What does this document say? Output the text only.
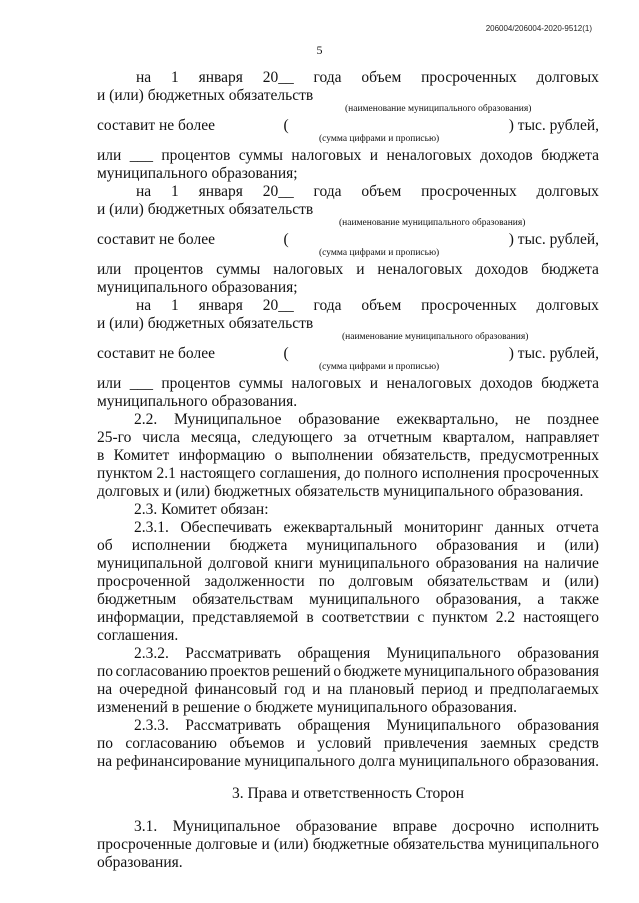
206004/206004-2020-9512(1)
5
на 1 января 20__ года объем просроченных долговых
и (или) бюджетных обязательств
(наименование муниципального образования)
составит не более	(	) тыс. рублей,
(сумма цифрами и прописью)
или ___ процентов суммы налоговых и неналоговых доходов бюджета
муниципального образования;
на 1 января 20__ года объем просроченных долговых
и (или) бюджетных обязательств
(наименование муниципального образования)
составит не более	(	) тыс. рублей,
(сумма цифрами и прописью)
или процентов суммы налоговых и неналоговых доходов бюджета
муниципального образования;
на 1 января 20__ года объем просроченных долговых
и (или) бюджетных обязательств
(наименование муниципального образования)
составит не более	(	) тыс. рублей,
(сумма цифрами и прописью)
или ___ процентов суммы налоговых и неналоговых доходов бюджета
муниципального образования.
2.2. Муниципальное образование ежеквартально, не позднее
25-го числа месяца, следующего за отчетным кварталом, направляет
в Комитет информацию о выполнении обязательств, предусмотренных
пунктом 2.1 настоящего соглашения, до полного исполнения просроченных
долговых и (или) бюджетных обязательств муниципального образования.
2.3. Комитет обязан:
2.3.1. Обеспечивать ежеквартальный мониторинг данных отчета
об исполнении бюджета муниципального образования и (или)
муниципальной долговой книги муниципального образования на наличие
просроченной задолженности по долговым обязательствам и (или)
бюджетным обязательствам муниципального образования, а также
информации, представляемой в соответствии с пунктом 2.2 настоящего
соглашения.
2.3.2. Рассматривать обращения Муниципального образования
по согласованию проектов решений о бюджете муниципального образования
на очередной финансовый год и на плановый период и предполагаемых
изменений в решение о бюджете муниципального образования.
2.3.3. Рассматривать обращения Муниципального образования
по согласованию объемов и условий привлечения заемных средств
на рефинансирование муниципального долга муниципального образования.
3. Права и ответственность Сторон
3.1. Муниципальное образование вправе досрочно исполнить
просроченные долговые и (или) бюджетные обязательства муниципального
образования.
